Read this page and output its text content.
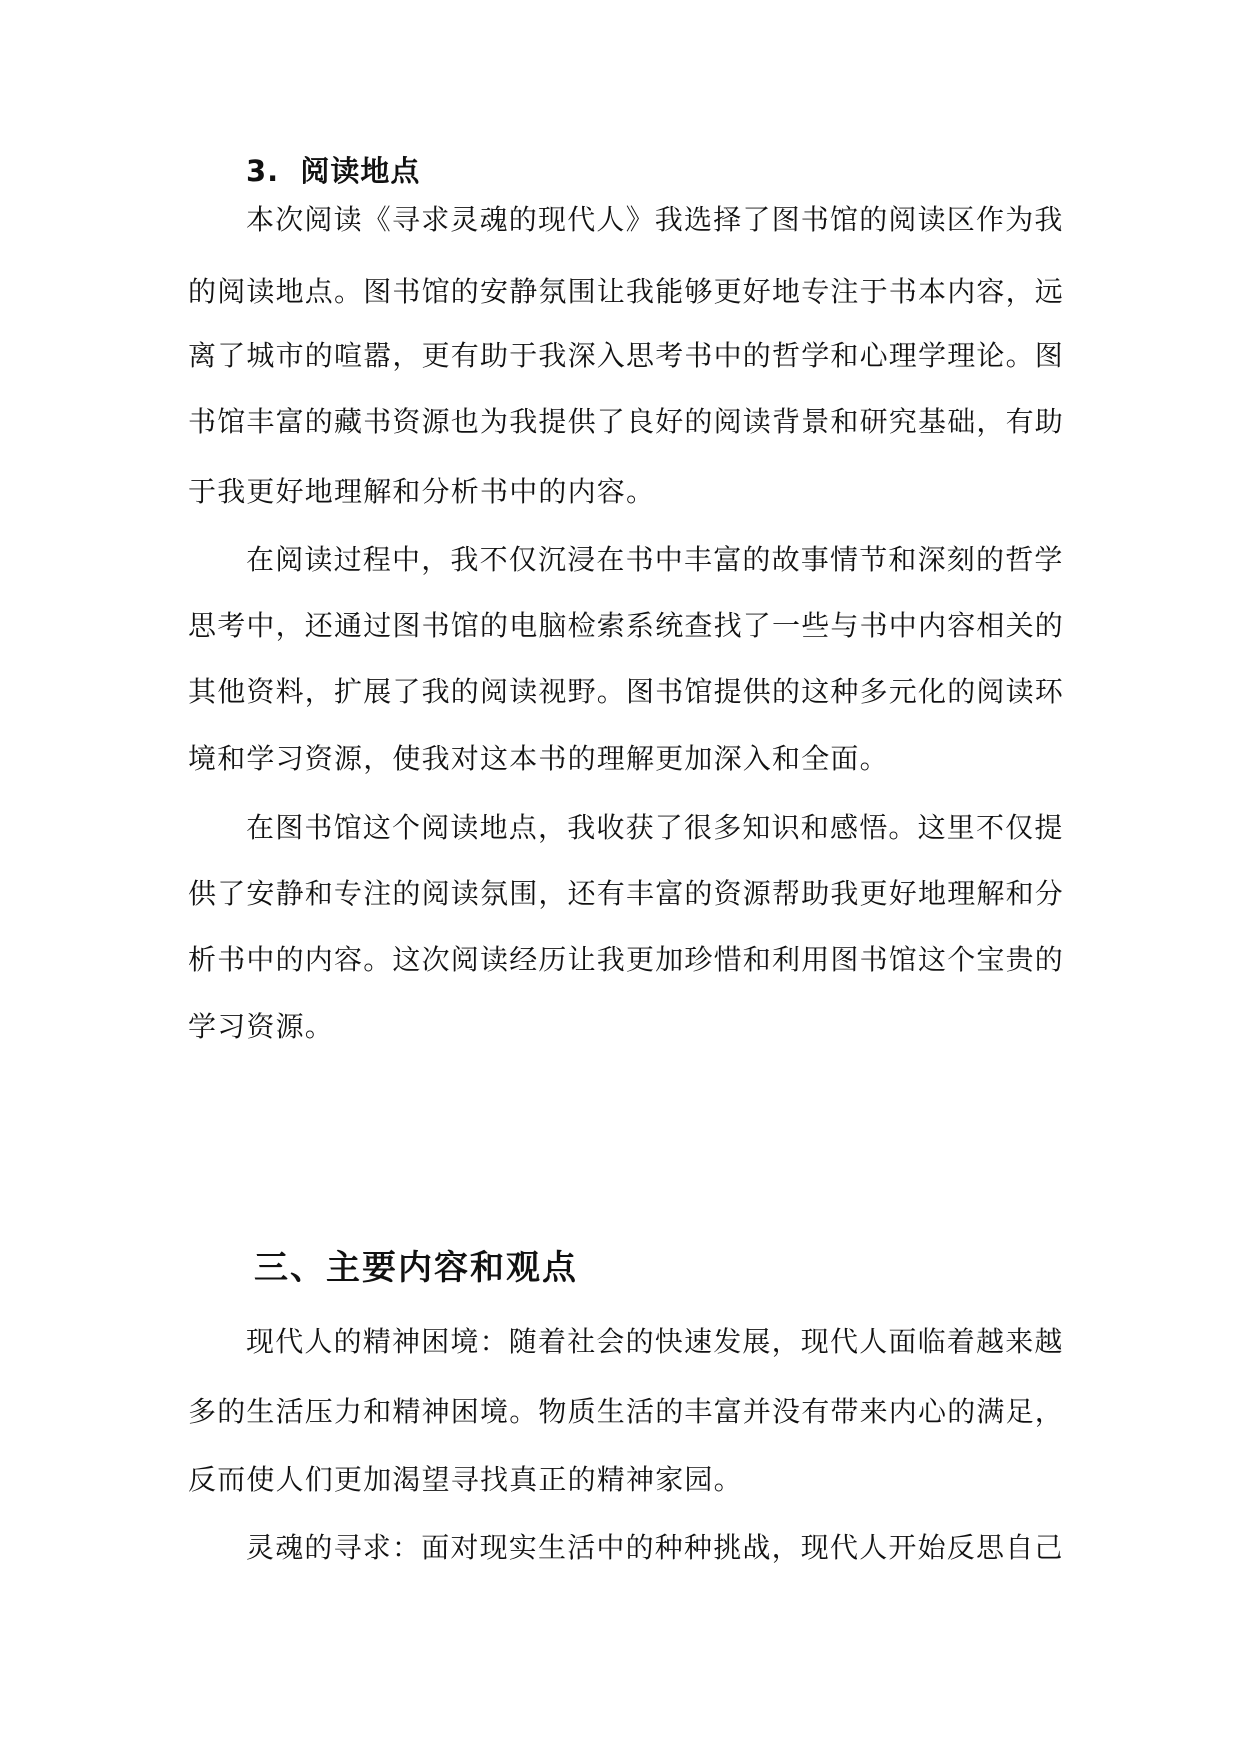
3. 阅读地点
本次阅读《寻求灵魂的现代人》我选择了图书馆的阅读区作为我
的阅读地点。图书馆的安静氛围让我能够更好地专注于书本内容，远
离了城市的喧嚣，更有助于我深入思考书中的哲学和心理学理论。图
书馆丰富的藏书资源也为我提供了良好的阅读背景和研究基础，有助
于我更好地理解和分析书中的内容。
在阅读过程中，我不仅沉浸在书中丰富的故事情节和深刻的哲学
思考中，还通过图书馆的电脑检索系统查找了一些与书中内容相关的
其他资料，扩展了我的阅读视野。图书馆提供的这种多元化的阅读环
境和学习资源，使我对这本书的理解更加深入和全面。
在图书馆这个阅读地点，我收获了很多知识和感悟。这里不仅提
供了安静和专注的阅读氛围，还有丰富的资源帮助我更好地理解和分
析书中的内容。这次阅读经历让我更加珍惜和利用图书馆这个宝贵的
学习资源。
三、主要内容和观点
现代人的精神困境：随着社会的快速发展，现代人面临着越来越
多的生活压力和精神困境。物质生活的丰富并没有带来内心的满足，
反而使人们更加渴望寻找真正的精神家园。
灵魂的寻求：面对现实生活中的种种挑战，现代人开始反思自己
